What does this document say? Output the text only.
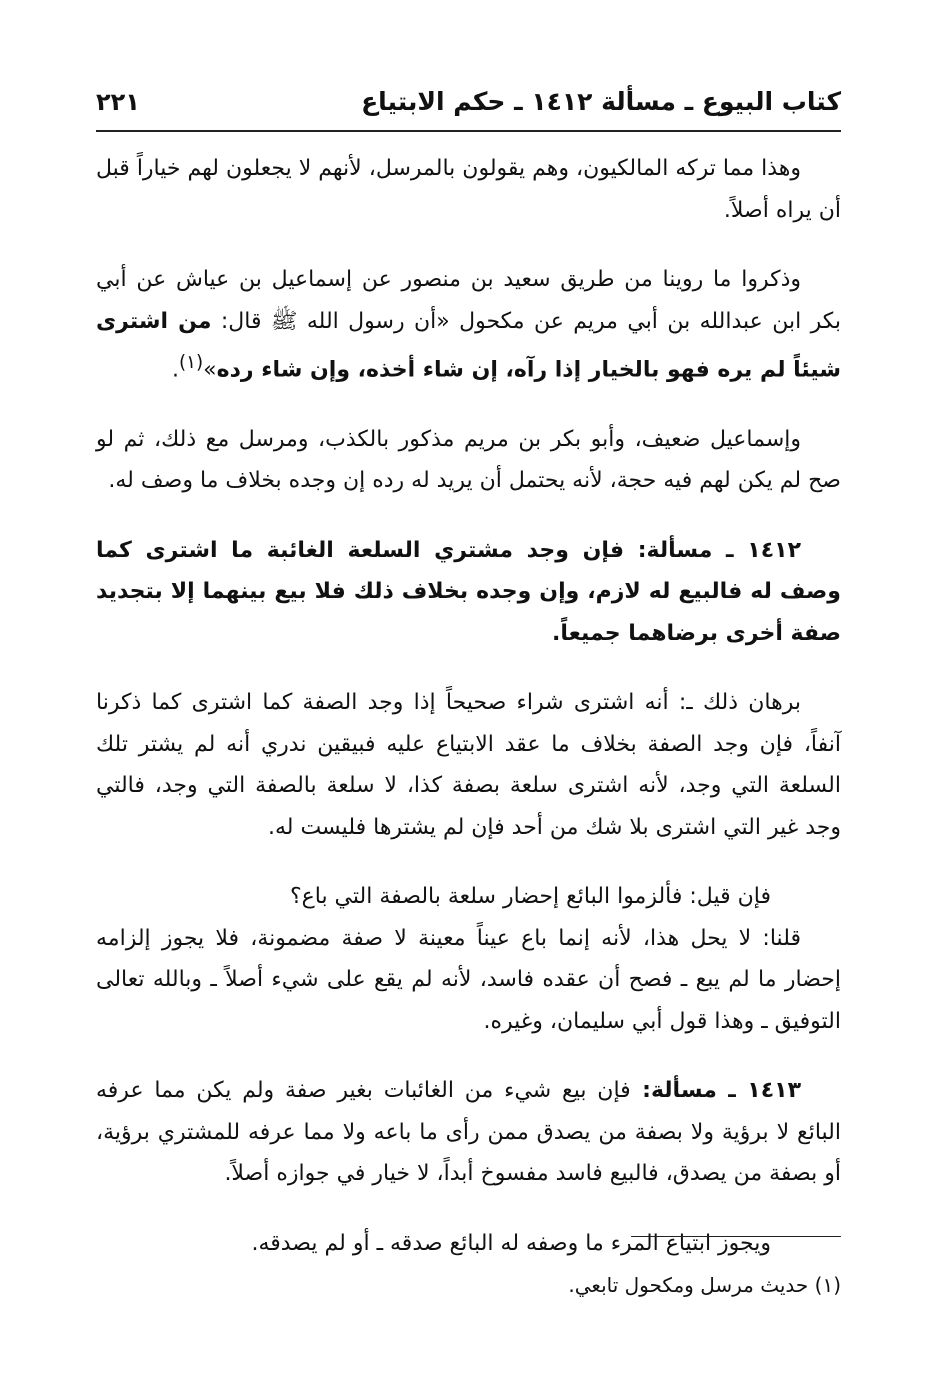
كتاب البيوع ـ مسألة ١٤١٢ ـ حكم الابتياع
٢٢١

وهذا مما تركه المالكيون، وهم يقولون بالمرسل، لأنهم لا يجعلون لهم خياراً قبل أن يراه أصلاً.

وذكروا ما روينا من طريق سعيد بن منصور عن إسماعيل بن عياش عن أبي بكر ابن عبدالله بن أبي مريم عن مكحول «أن رسول الله ﷺ قال: من اشترى شيئاً لم يره فهو بالخيار إذا رآه، إن شاء أخذه، وإن شاء رده»$^{(١)}$.

وإسماعيل ضعيف، وأبو بكر بن مريم مذكور بالكذب، ومرسل مع ذلك، ثم لو صح لم يكن لهم فيه حجة، لأنه يحتمل أن يريد له رده إن وجده بخلاف ما وصف له.

١٤١٢ ـ مسألة: فإن وجد مشتري السلعة الغائبة ما اشترى كما وصف له فالبيع له لازم، وإن وجده بخلاف ذلك فلا بيع بينهما إلا بتجديد صفة أخرى برضاهما جميعاً.

برهان ذلك ـ: أنه اشترى شراء صحيحاً إذا وجد الصفة كما اشترى كما ذكرنا آنفاً، فإن وجد الصفة بخلاف ما عقد الابتياع عليه فبيقين ندري أنه لم يشتر تلك السلعة التي وجد، لأنه اشترى سلعة بصفة كذا، لا سلعة بالصفة التي وجد، فالتي وجد غير التي اشترى بلا شك من أحد فإن لم يشترها فليست له.

فإن قيل: فألزموا البائع إحضار سلعة بالصفة التي باع؟

قلنا: لا يحل هذا، لأنه إنما باع عيناً معينة لا صفة مضمونة، فلا يجوز إلزامه إحضار ما لم يبع ـ فصح أن عقده فاسد، لأنه لم يقع على شيء أصلاً ـ وبالله تعالى التوفيق ـ وهذا قول أبي سليمان، وغيره.

١٤١٣ ـ مسألة: فإن بيع شيء من الغائبات بغير صفة ولم يكن مما عرفه البائع لا برؤية ولا بصفة من يصدق ممن رأى ما باعه ولا مما عرفه للمشتري برؤية، أو بصفة من يصدق، فالبيع فاسد مفسوخ أبداً، لا خيار في جوازه أصلاً.

ويجوز ابتياع المرء ما وصفه له البائع صدقه ـ أو لم يصدقه.

(١) حديث مرسل ومكحول تابعي.
